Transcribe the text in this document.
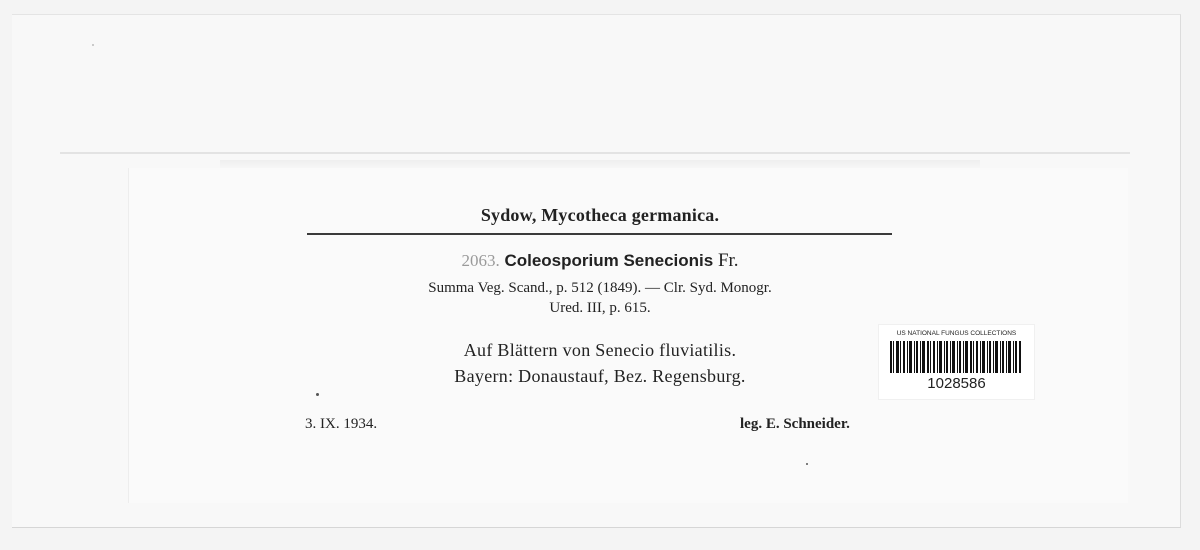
Sydow, Mycotheca germanica.
2063. Coleosporium Senecionis Fr.
Summa Veg. Scand., p. 512 (1849). — Clr. Syd. Monogr.
Ured. III, p. 615.
Auf Blättern von Senecio fluviatilis.
Bayern: Donaustauf, Bez. Regensburg.
3. IX. 1934.	leg. E. Schneider.
US NATIONAL FUNGUS COLLECTIONS
1028586
